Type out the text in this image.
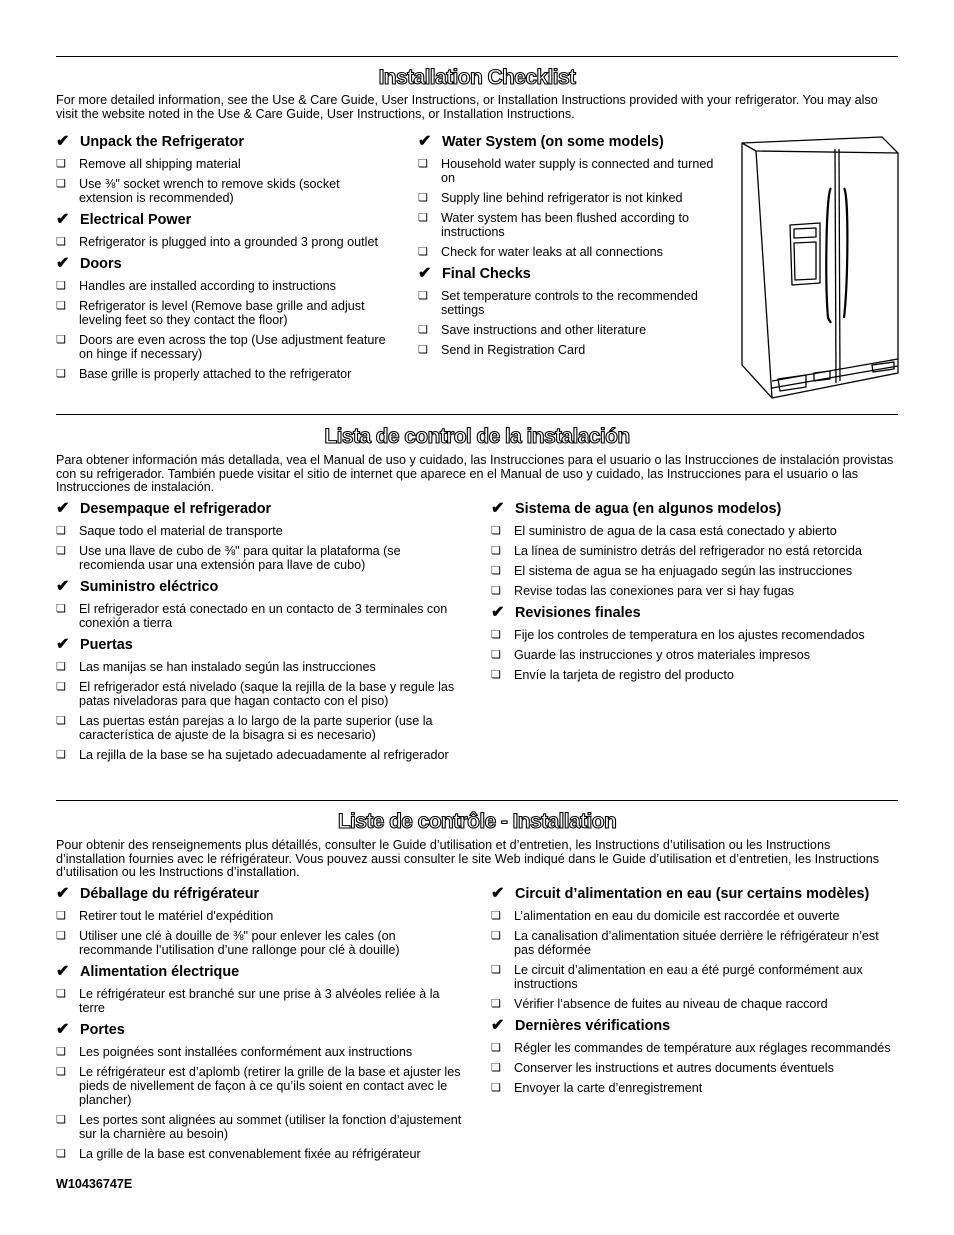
Installation Checklist

For more detailed information, see the Use & Care Guide, User Instructions, or Installation Instructions provided with your refrigerator. You may also visit the website noted in the Use & Care Guide, User Instructions, or Installation Instructions.

✔ Unpack the Refrigerator
❏	Remove all shipping material
❏	Use ⅜" socket wrench to remove skids (socket extension is recommended)
✔ Electrical Power
❏	Refrigerator is plugged into a grounded 3 prong outlet
✔ Doors
❏	Handles are installed according to instructions
❏	Refrigerator is level (Remove base grille and adjust leveling feet so they contact the floor)
❏	Doors are even across the top (Use adjustment feature on hinge if necessary)
❏	Base grille is properly attached to the refrigerator
✔ Water System (on some models)
❏	Household water supply is connected and turned on
❏	Supply line behind refrigerator is not kinked
❏	Water system has been flushed according to instructions
❏	Check for water leaks at all connections
✔ Final Checks
❏	Set temperature controls to the recommended settings
❏	Save instructions and other literature
❏	Send in Registration Card
Lista de control de la instalación

Para obtener información más detallada, vea el Manual de uso y cuidado, las Instrucciones para el usuario o las Instrucciones de instalación provistas con su refrigerador. También puede visitar el sitio de internet que aparece en el Manual de uso y cuidado, las Instrucciones para el usuario o las Instrucciones de instalación.

✔ Desempaque el refrigerador
❏	Saque todo el material de transporte
❏	Use una llave de cubo de ⅜" para quitar la plataforma (se recomienda usar una extensión para llave de cubo)
✔ Suministro eléctrico
❏	El refrigerador está conectado en un contacto de 3 terminales con conexión a tierra
✔ Puertas
❏	Las manijas se han instalado según las instrucciones
❏	El refrigerador está nivelado (saque la rejilla de la base y regule las patas niveladoras para que hagan contacto con el piso)
❏	Las puertas están parejas a lo largo de la parte superior (use la característica de ajuste de la bisagra si es necesario)
❏	La rejilla de la base se ha sujetado adecuadamente al refrigerador
✔ Sistema de agua (en algunos modelos)
❏	El suministro de agua de la casa está conectado y abierto
❏	La línea de suministro detrás del refrigerador no está retorcida
❏	El sistema de agua se ha enjuagado según las instrucciones
❏	Revise todas las conexiones para ver si hay fugas
✔ Revisiones finales
❏	Fije los controles de temperatura en los ajustes recomendados
❏	Guarde las instrucciones y otros materiales impresos
❏	Envíe la tarjeta de registro del producto
Liste de contrôle - Installation

Pour obtenir des renseignements plus détaillés, consulter le Guide d’utilisation et d’entretien, les Instructions d’utilisation ou les Instructions d’installation fournies avec le réfrigérateur. Vous pouvez aussi consulter le site Web indiqué dans le Guide d’utilisation et d’entretien, les Instructions d’utilisation ou les Instructions d’installation.

✔ Déballage du réfrigérateur
❏	Retirer tout le matériel d'expédition
❏	Utiliser une clé à douille de ⅜" pour enlever les cales (on recommande l’utilisation d’une rallonge pour clé à douille)
✔ Alimentation électrique
❏	Le réfrigérateur est branché sur une prise à 3 alvéoles reliée à la terre
✔ Portes
❏	Les poignées sont installées conformément aux instructions
❏	Le réfrigérateur est d’aplomb (retirer la grille de la base et ajuster les pieds de nivellement de façon à ce qu’ils soient en contact avec le plancher)
❏	Les portes sont alignées au sommet (utiliser la fonction d’ajustement sur la charnière au besoin)
❏	La grille de la base est convenablement fixée au réfrigérateur
✔ Circuit d’alimentation en eau (sur certains modèles)
❏	L’alimentation en eau du domicile est raccordée et ouverte
❏	La canalisation d’alimentation située derrière le réfrigérateur n’est pas déformée
❏	Le circuit d’alimentation en eau a été purgé conformément aux instructions
❏	Vérifier l’absence de fuites au niveau de chaque raccord
✔ Dernières vérifications
❏	Régler les commandes de température aux réglages recommandés
❏	Conserver les instructions et autres documents éventuels
❏	Envoyer la carte d’enregistrement
W10436747E
